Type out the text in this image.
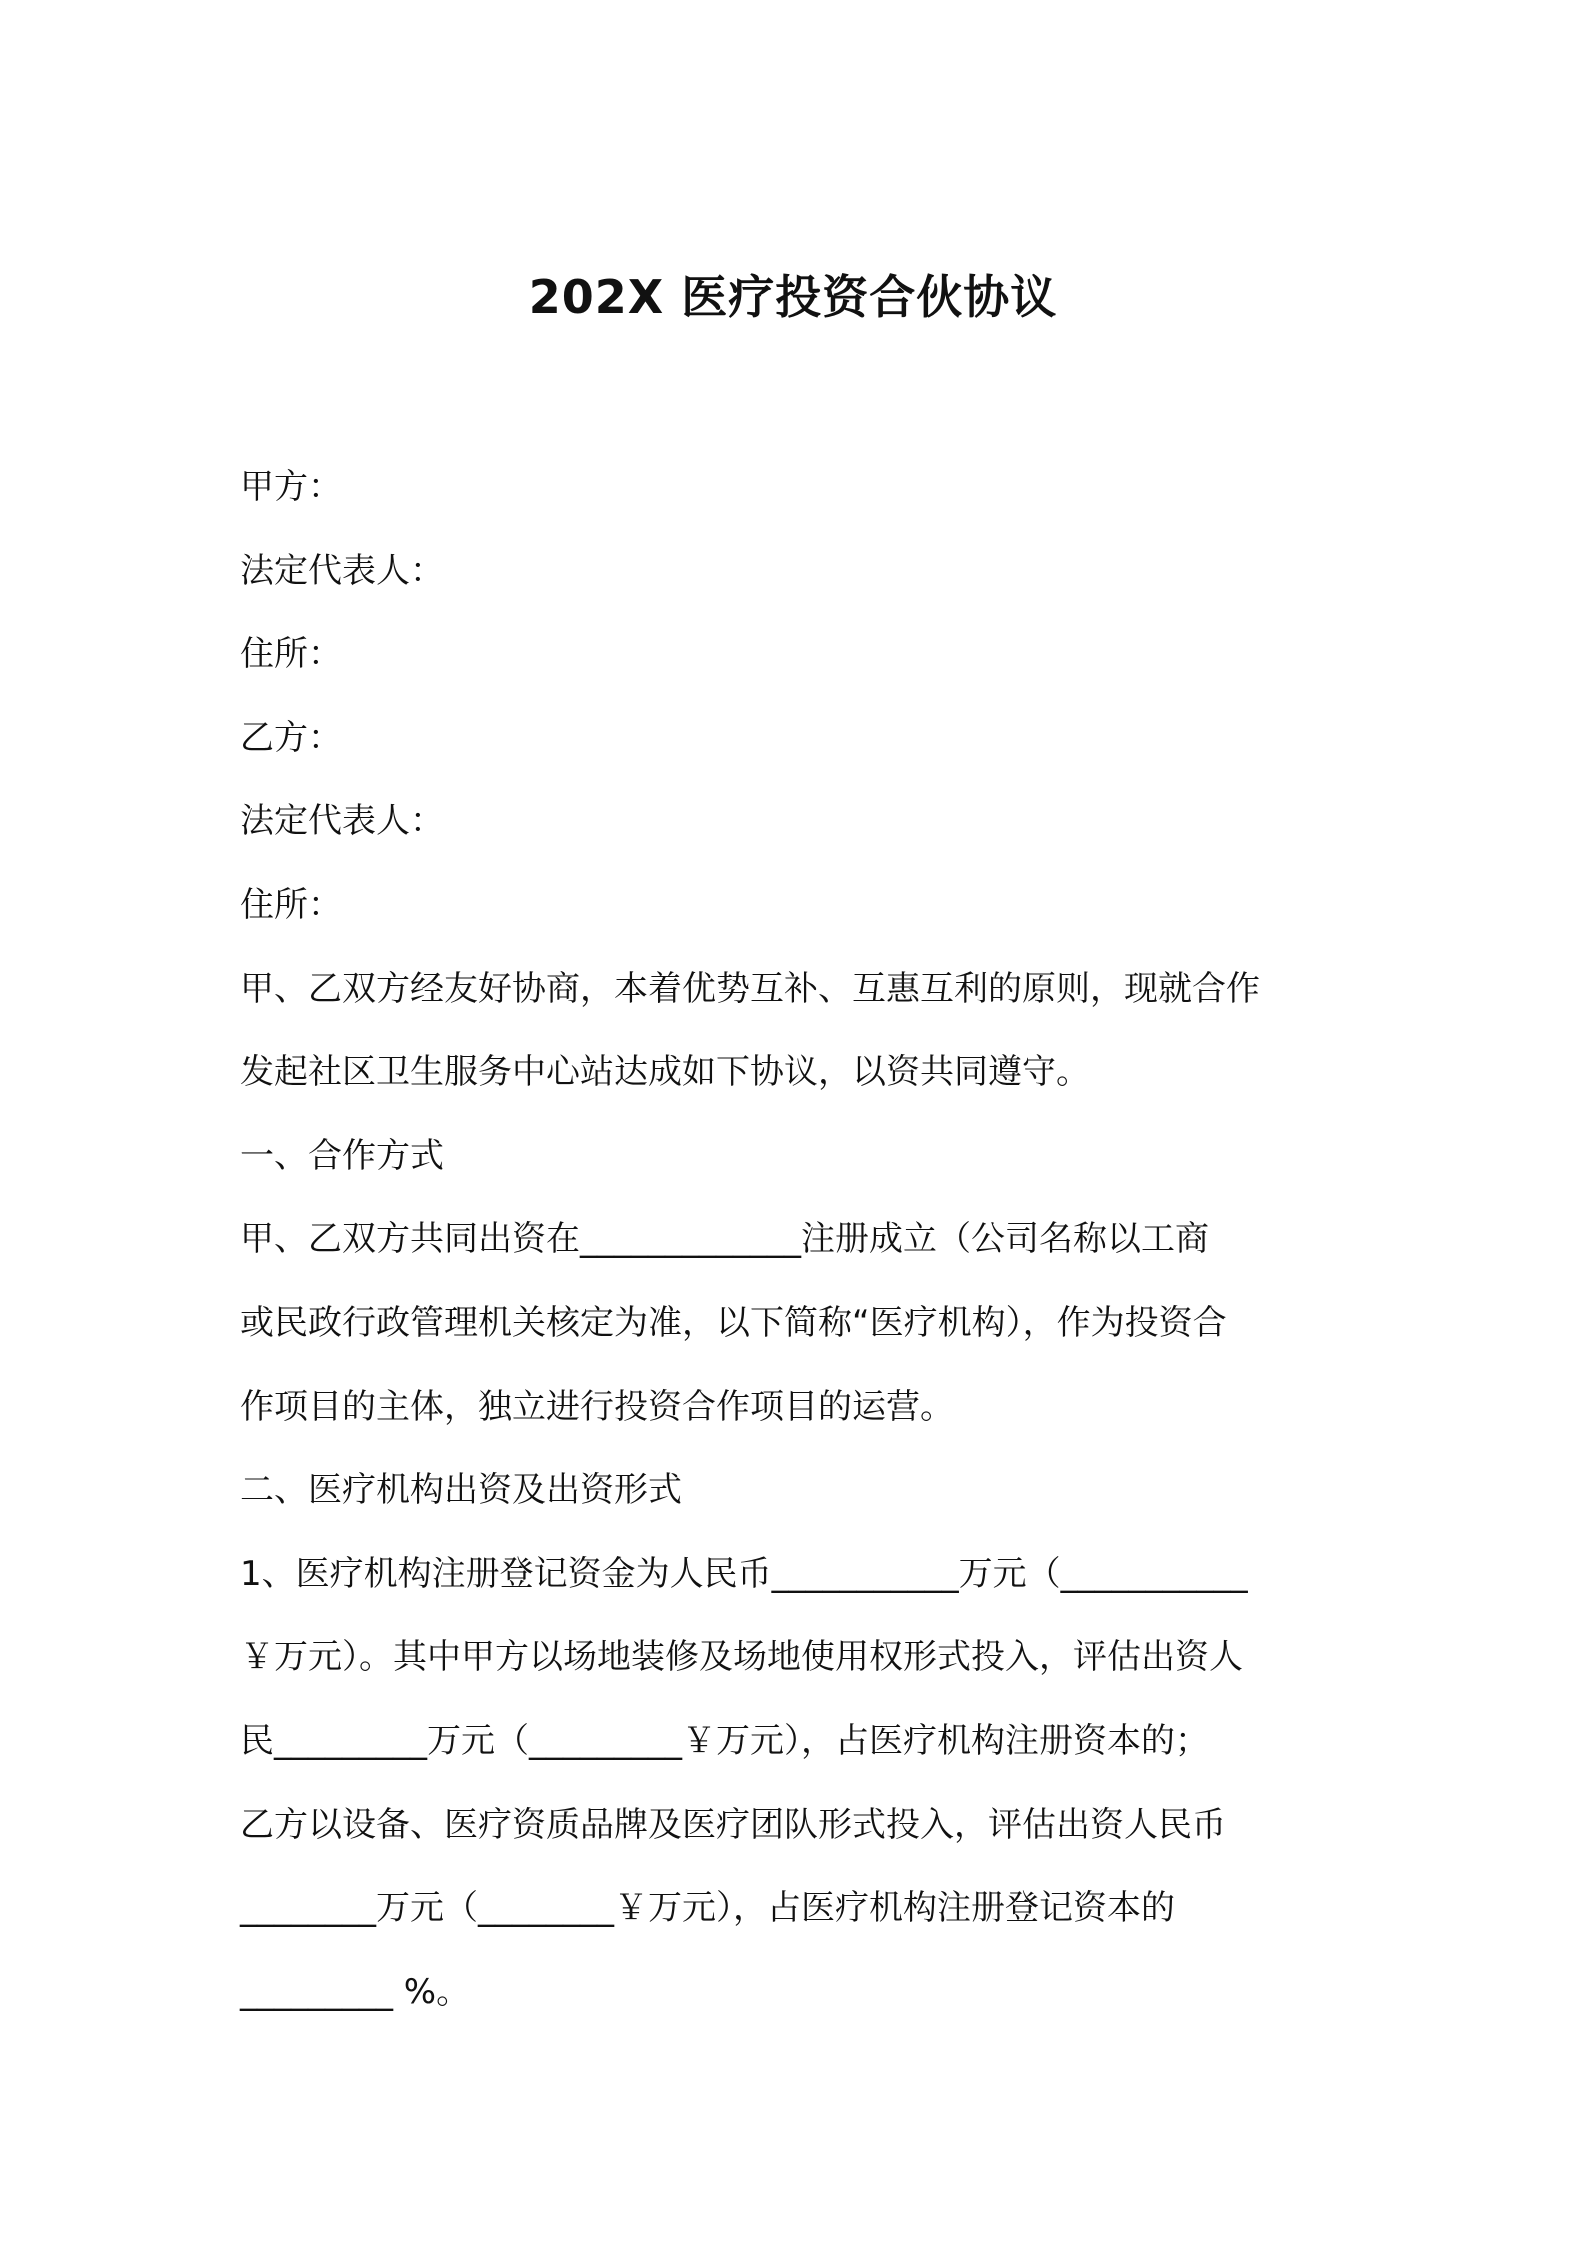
202X 医疗投资合伙协议
甲方：
法定代表人：
住所：
乙方：
法定代表人：
住所：
甲、乙双方经友好协商，本着优势互补、互惠互利的原则，现就合作
发起社区卫生服务中心站达成如下协议，以资共同遵守。
一、合作方式
甲、乙双方共同出资在_____________注册成立（公司名称以工商
或民政行政管理机关核定为准，以下简称“医疗机构），作为投资合
作项目的主体，独立进行投资合作项目的运营。
二、医疗机构出资及出资形式
1、医疗机构注册登记资金为人民币___________万元（___________
￥万元）。其中甲方以场地装修及场地使用权形式投入，评估出资人
民_________万元（_________￥万元），占医疗机构注册资本的；
乙方以设备、医疗资质品牌及医疗团队形式投入，评估出资人民币
________万元（________￥万元），占医疗机构注册登记资本的
_________ %。
